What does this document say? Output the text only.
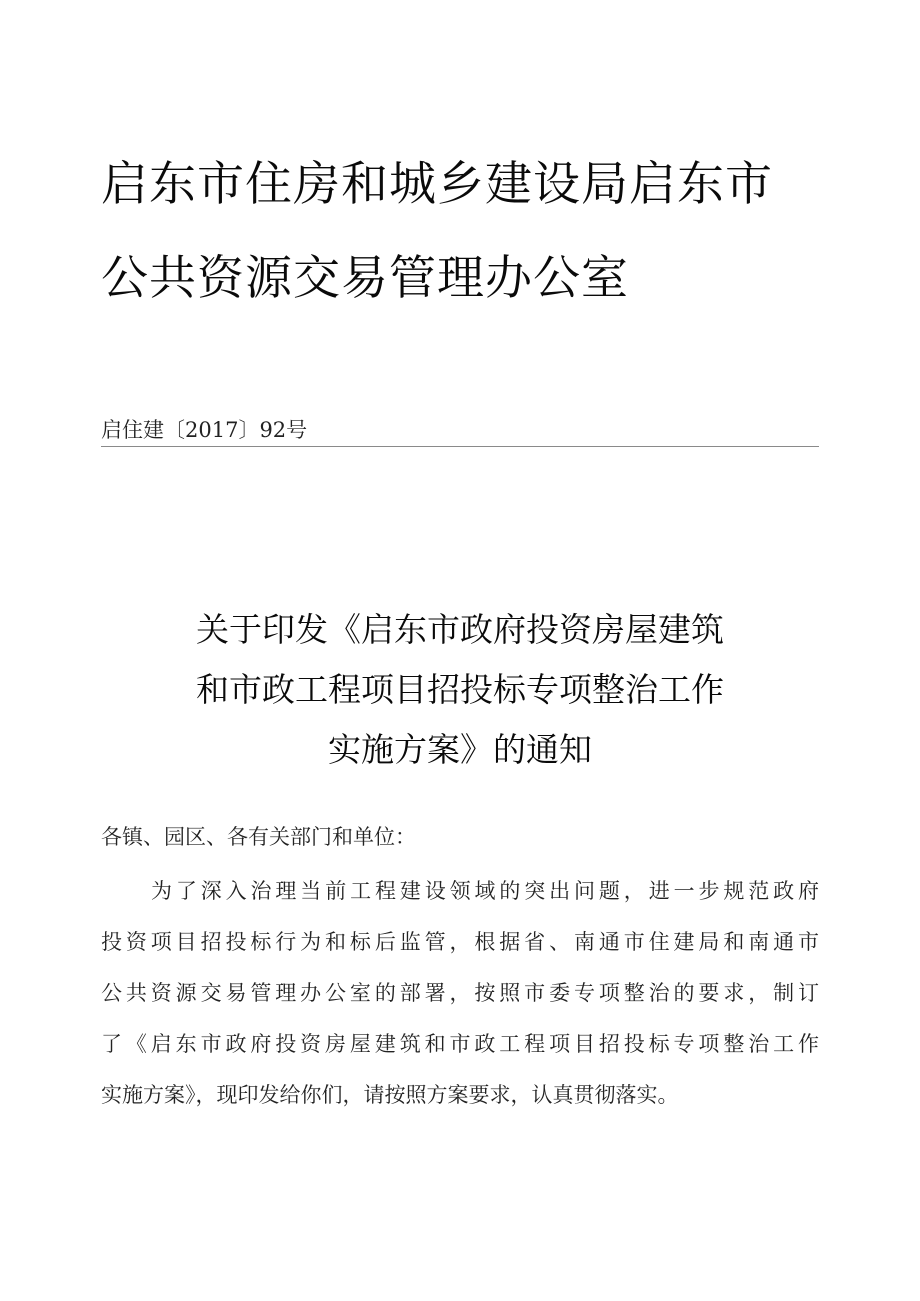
启东市住房和城乡建设局启东市
公共资源交易管理办公室
启住建〔2017〕92号
关于印发《启东市政府投资房屋建筑
和市政工程项目招投标专项整治工作
实施方案》的通知
各镇、园区、各有关部门和单位：
为了深入治理当前工程建设领域的突出问题，进一步规范政府
投资项目招投标行为和标后监管，根据省、南通市住建局和南通市
公共资源交易管理办公室的部署，按照市委专项整治的要求，制订
了《启东市政府投资房屋建筑和市政工程项目招投标专项整治工作
实施方案》，现印发给你们，请按照方案要求，认真贯彻落实。
